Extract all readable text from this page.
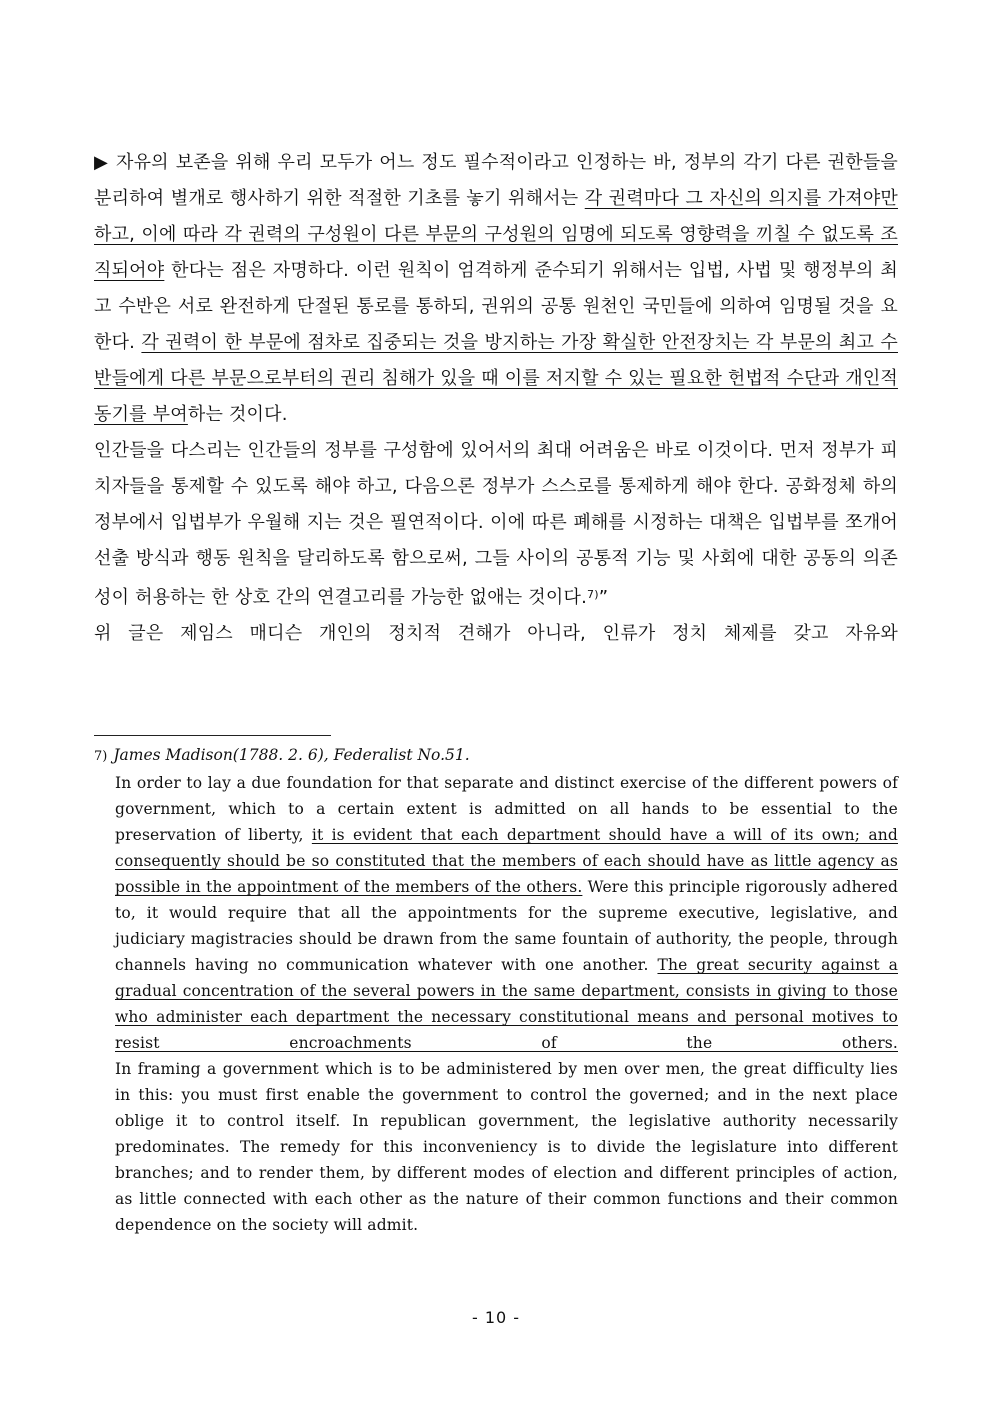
▶ 자유의 보존을 위해 우리 모두가 어느 정도 필수적이라고 인정하는 바, 정부의 각기 다른 권한들을 분리하여 별개로 행사하기 위한 적절한 기초를 놓기 위해서는 각 권력마다 그 자신의 의지를 가져야만 하고, 이에 따라 각 권력의 구성원이 다른 부문의 구성원의 임명에 되도록 영향력을 끼칠 수 없도록 조직되어야 한다는 점은 자명하다. 이런 원칙이 엄격하게 준수되기 위해서는 입법, 사법 및 행정부의 최고 수반은 서로 완전하게 단절된 통로를 통하되, 권위의 공통 원천인 국민들에 의하여 임명될 것을 요한다. 각 권력이 한 부문에 점차로 집중되는 것을 방지하는 가장 확실한 안전장치는 각 부문의 최고 수반들에게 다른 부문으로부터의 권리 침해가 있을 때 이를 저지할 수 있는 필요한 헌법적 수단과 개인적 동기를 부여하는 것이다.

인간들을 다스리는 인간들의 정부를 구성함에 있어서의 최대 어려움은 바로 이것이다. 먼저 정부가 피치자들을 통제할 수 있도록 해야 하고, 다음으론 정부가 스스로를 통제하게 해야 한다. 공화정체 하의 정부에서 입법부가 우월해 지는 것은 필연적이다. 이에 따른 폐해를 시정하는 대책은 입법부를 쪼개어 선출 방식과 행동 원칙을 달리하도록 함으로써, 그들 사이의 공통적 기능 및 사회에 대한 공동의 의존성이 허용하는 한 상호 간의 연결고리를 가능한 없애는 것이다.$^{7)}$”

위 글은 제임스 매디슨 개인의 정치적 견해가 아니라, 인류가 정치 체제를 갖고 자유와

7) James Madison(1788. 2. 6), Federalist No.51.

In order to lay a due foundation for that separate and distinct exercise of the different powers of government, which to a certain extent is admitted on all hands to be essential to the preservation of liberty, it is evident that each department should have a will of its own; and consequently should be so constituted that the members of each should have as little agency as possible in the appointment of the members of the others. Were this principle rigorously adhered to, it would require that all the appointments for the supreme executive, legislative, and judiciary magistracies should be drawn from the same fountain of authority, the people, through channels having no communication whatever with one another. The great security against a gradual concentration of the several powers in the same department, consists in giving to those who administer each department the necessary constitutional means and personal motives to resist encroachments of the others.

In framing a government which is to be administered by men over men, the great difficulty lies in this: you must first enable the government to control the governed; and in the next place oblige it to control itself. In republican government, the legislative authority necessarily predominates. The remedy for this inconveniency is to divide the legislature into different branches; and to render them, by different modes of election and different principles of action, as little connected with each other as the nature of their common functions and their common dependence on the society will admit.

- 10 -
